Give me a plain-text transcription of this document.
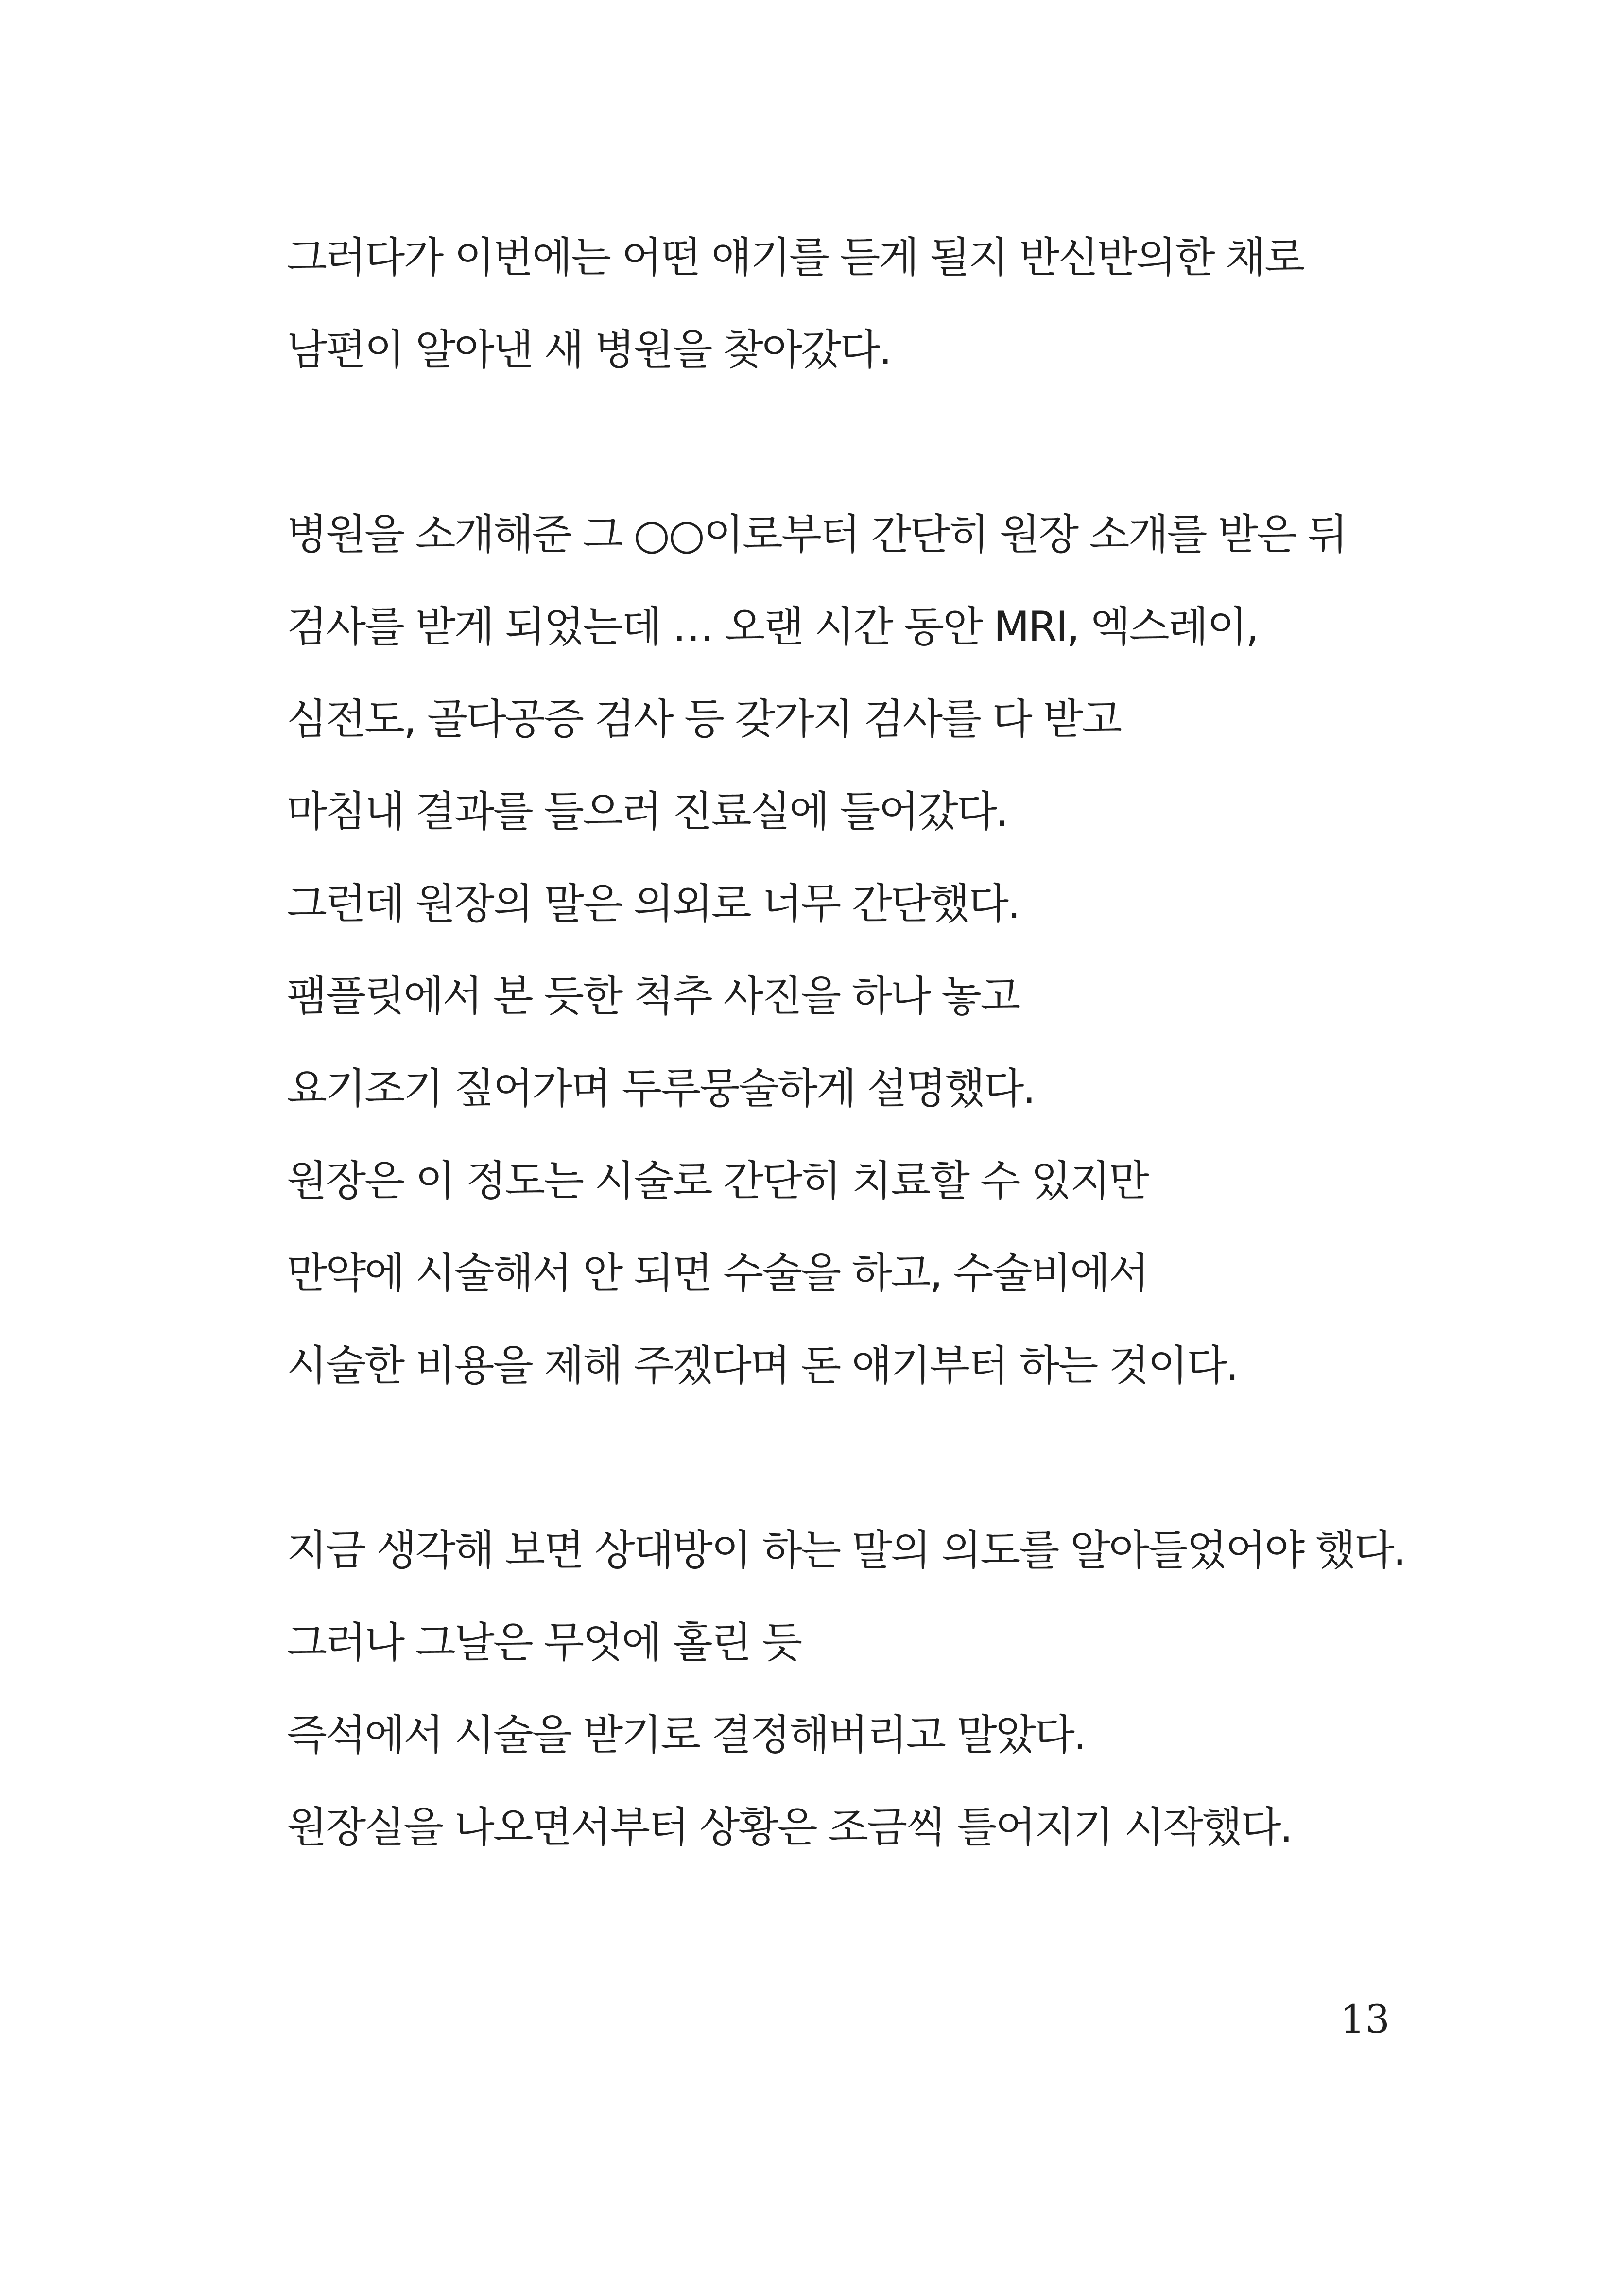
그러다가 이번에는 어떤 얘기를 듣게 될지 반신반의한 채로
남편이 알아낸 새 병원을 찾아갔다.
병원을 소개해준 그 ○○이로부터 간단히 원장 소개를 받은 뒤
검사를 받게 되었는데 … 오랜 시간 동안 MRI, 엑스레이,
심전도, 골다공증 검사 등 갖가지 검사를 다 받고
마침내 결과를 들으러 진료실에 들어갔다.
그런데 원장의 말은 의외로 너무 간단했다.
팸플릿에서 본 듯한 척추 사진을 하나 놓고
요기조기 짚어가며 두루뭉술하게 설명했다.
원장은 이 정도는 시술로 간단히 치료할 수 있지만
만약에 시술해서 안 되면 수술을 하고, 수술비에서
시술한 비용을 제해 주겠다며 돈 얘기부터 하는 것이다.
지금 생각해 보면 상대방이 하는 말의 의도를 알아들었어야 했다.
그러나 그날은 무엇에 홀린 듯
즉석에서 시술을 받기로 결정해버리고 말았다.
원장실을 나오면서부터 상황은 조금씩 틀어지기 시작했다.
13
